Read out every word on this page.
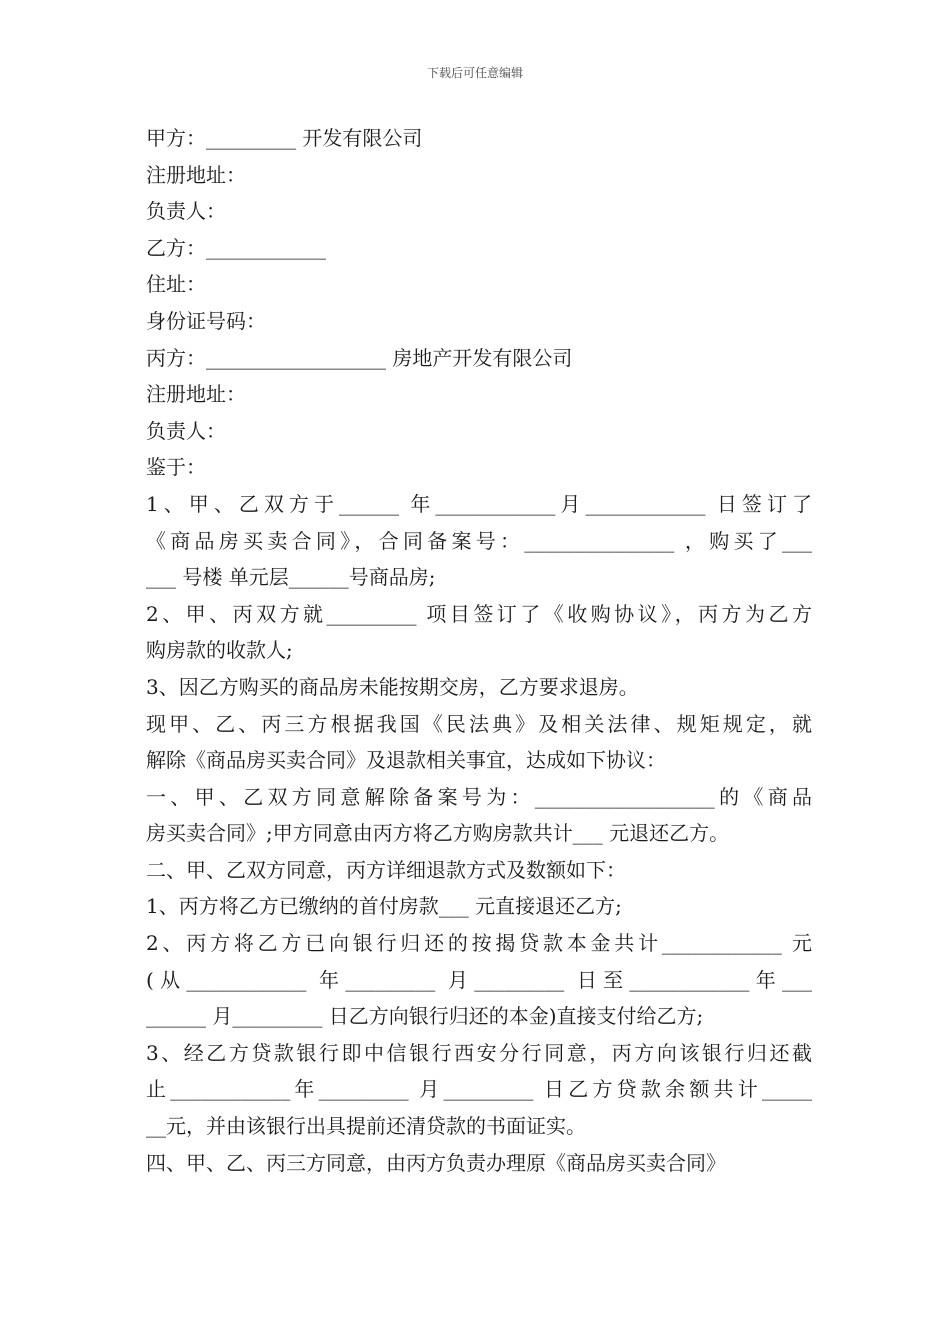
下载后可任意编辑
甲方：_________ 开发有限公司
注册地址：
负责人：
乙方：____________
住址：
身份证号码：
丙方：__________________ 房地产开发有限公司
注册地址：
负责人：
鉴于：
1、甲、乙双方于______ 年____________月____________ 日签订了
《商品房买卖合同》，合同备案号：_______________ ，购买了___
___ 号楼 单元层______号商品房;
2、甲、丙双方就_________ 项目签订了《收购协议》，丙方为乙方
购房款的收款人;
3、因乙方购买的商品房未能按期交房，乙方要求退房。
现甲、乙、丙三方根据我国《民法典》及相关法律、规矩规定，就
解除《商品房买卖合同》及退款相关事宜，达成如下协议：
一、甲、乙双方同意解除备案号为：__________________的《商品
房买卖合同》;甲方同意由丙方将乙方购房款共计___ 元退还乙方。
二、甲、乙双方同意，丙方详细退款方式及数额如下：
1、丙方将乙方已缴纳的首付房款___ 元直接退还乙方;
2、丙方将乙方已向银行归还的按揭贷款本金共计____________ 元
(从____________ 年_________ 月_________ 日至____________年___
______ 月_________ 日乙方向银行归还的本金)直接支付给乙方;
3、经乙方贷款银行即中信银行西安分行同意，丙方向该银行归还截
止____________年_________ 月_________ 日乙方贷款余额共计_____
__元，并由该银行出具提前还清贷款的书面证实。
四、甲、乙、丙三方同意，由丙方负责办理原《商品房买卖合同》
